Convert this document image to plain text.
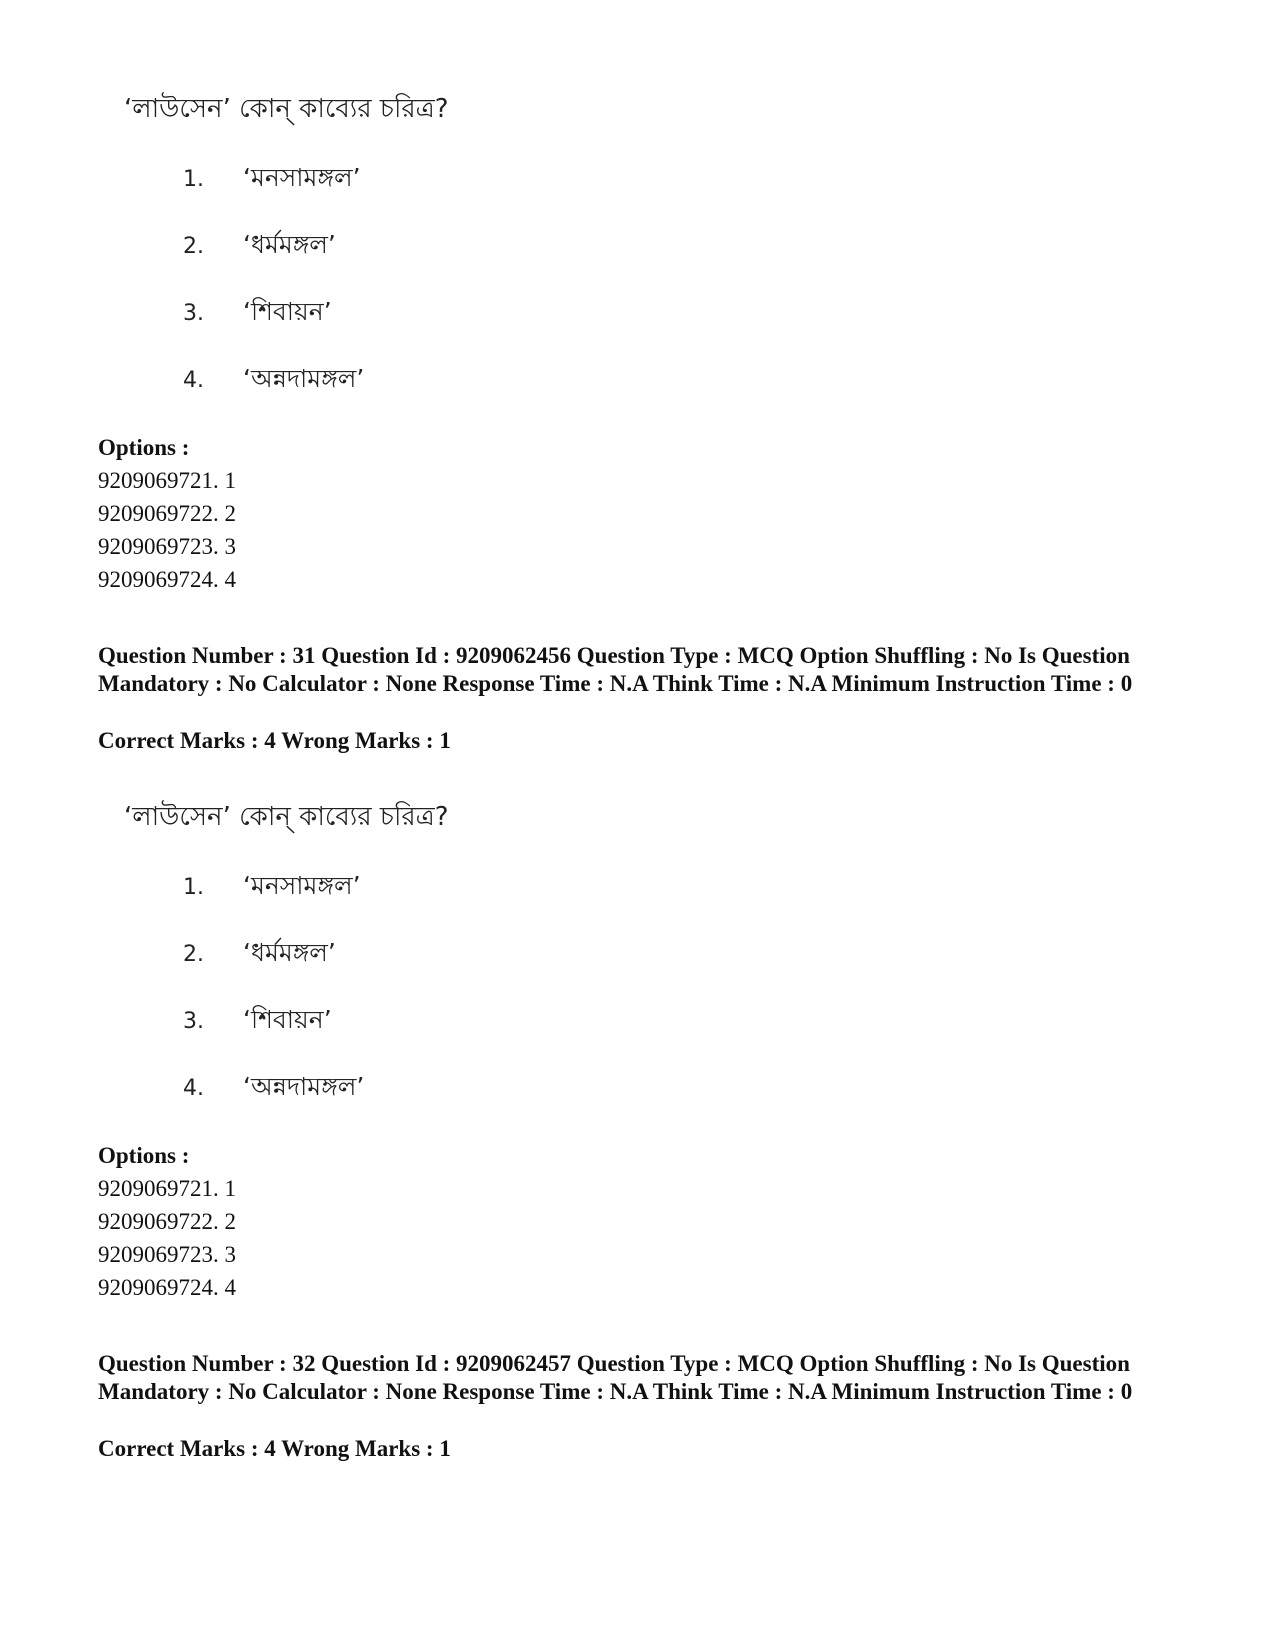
‘লাউসেন’ কোন্ কাব্যের চরিত্র?
1. ‘মনসামঙ্গল’
2. ‘ধর্মমঙ্গল’
3. ‘শিবায়ন’
4. ‘অন্নদামঙ্গল’
Options :
9209069721. 1
9209069722. 2
9209069723. 3
9209069724. 4
Question Number : 31 Question Id : 9209062456 Question Type : MCQ Option Shuffling : No Is Question Mandatory : No Calculator : None Response Time : N.A Think Time : N.A Minimum Instruction Time : 0
Correct Marks : 4 Wrong Marks : 1
‘লাউসেন’ কোন্ কাব্যের চরিত্র?
1. ‘মনসামঙ্গল’
2. ‘ধর্মমঙ্গল’
3. ‘শিবায়ন’
4. ‘অন্নদামঙ্গল’
Options :
9209069721. 1
9209069722. 2
9209069723. 3
9209069724. 4
Question Number : 32 Question Id : 9209062457 Question Type : MCQ Option Shuffling : No Is Question Mandatory : No Calculator : None Response Time : N.A Think Time : N.A Minimum Instruction Time : 0
Correct Marks : 4 Wrong Marks : 1
